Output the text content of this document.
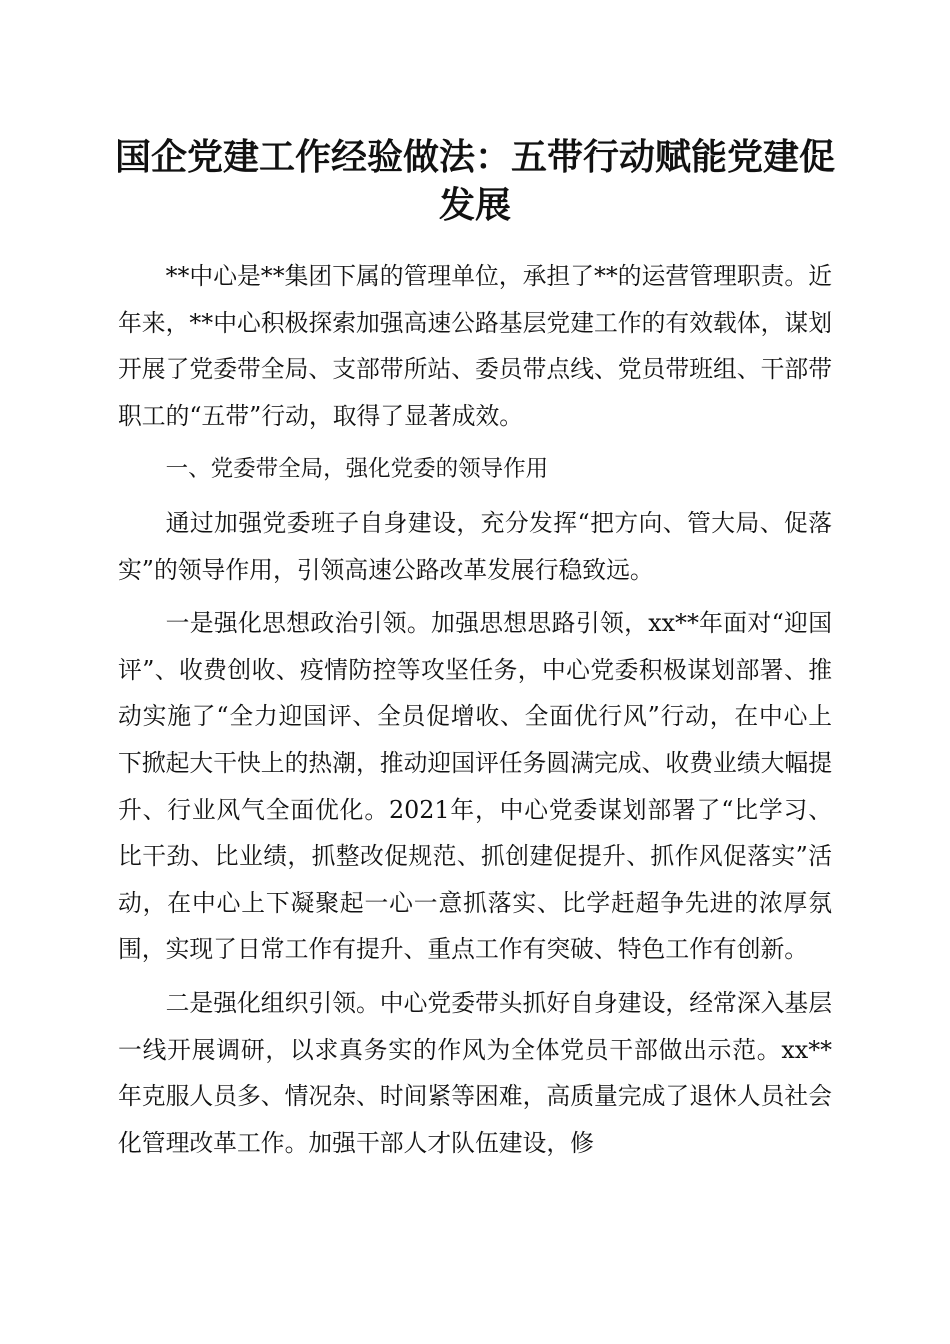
国企党建工作经验做法：五带行动赋能党建促发展

**中心是**集团下属的管理单位，承担了**的运营管理职责。近年来，**中心积极探索加强高速公路基层党建工作的有效载体，谋划开展了党委带全局、支部带所站、委员带点线、党员带班组、干部带职工的“五带”行动，取得了显著成效。

一、党委带全局，强化党委的领导作用

通过加强党委班子自身建设，充分发挥“把方向、管大局、促落实”的领导作用，引领高速公路改革发展行稳致远。

一是强化思想政治引领。加强思想思路引领，xx**年面对“迎国评”、收费创收、疫情防控等攻坚任务，中心党委积极谋划部署、推动实施了“全力迎国评、全员促增收、全面优行风”行动，在中心上下掀起大干快上的热潮，推动迎国评任务圆满完成、收费业绩大幅提升、行业风气全面优化。2021年，中心党委谋划部署了“比学习、比干劲、比业绩，抓整改促规范、抓创建促提升、抓作风促落实”活动，在中心上下凝聚起一心一意抓落实、比学赶超争先进的浓厚氛围，实现了日常工作有提升、重点工作有突破、特色工作有创新。

二是强化组织引领。中心党委带头抓好自身建设，经常深入基层一线开展调研，以求真务实的作风为全体党员干部做出示范。xx**年克服人员多、情况杂、时间紧等困难，高质量完成了退休人员社会化管理改革工作。加强干部人才队伍建设，修
